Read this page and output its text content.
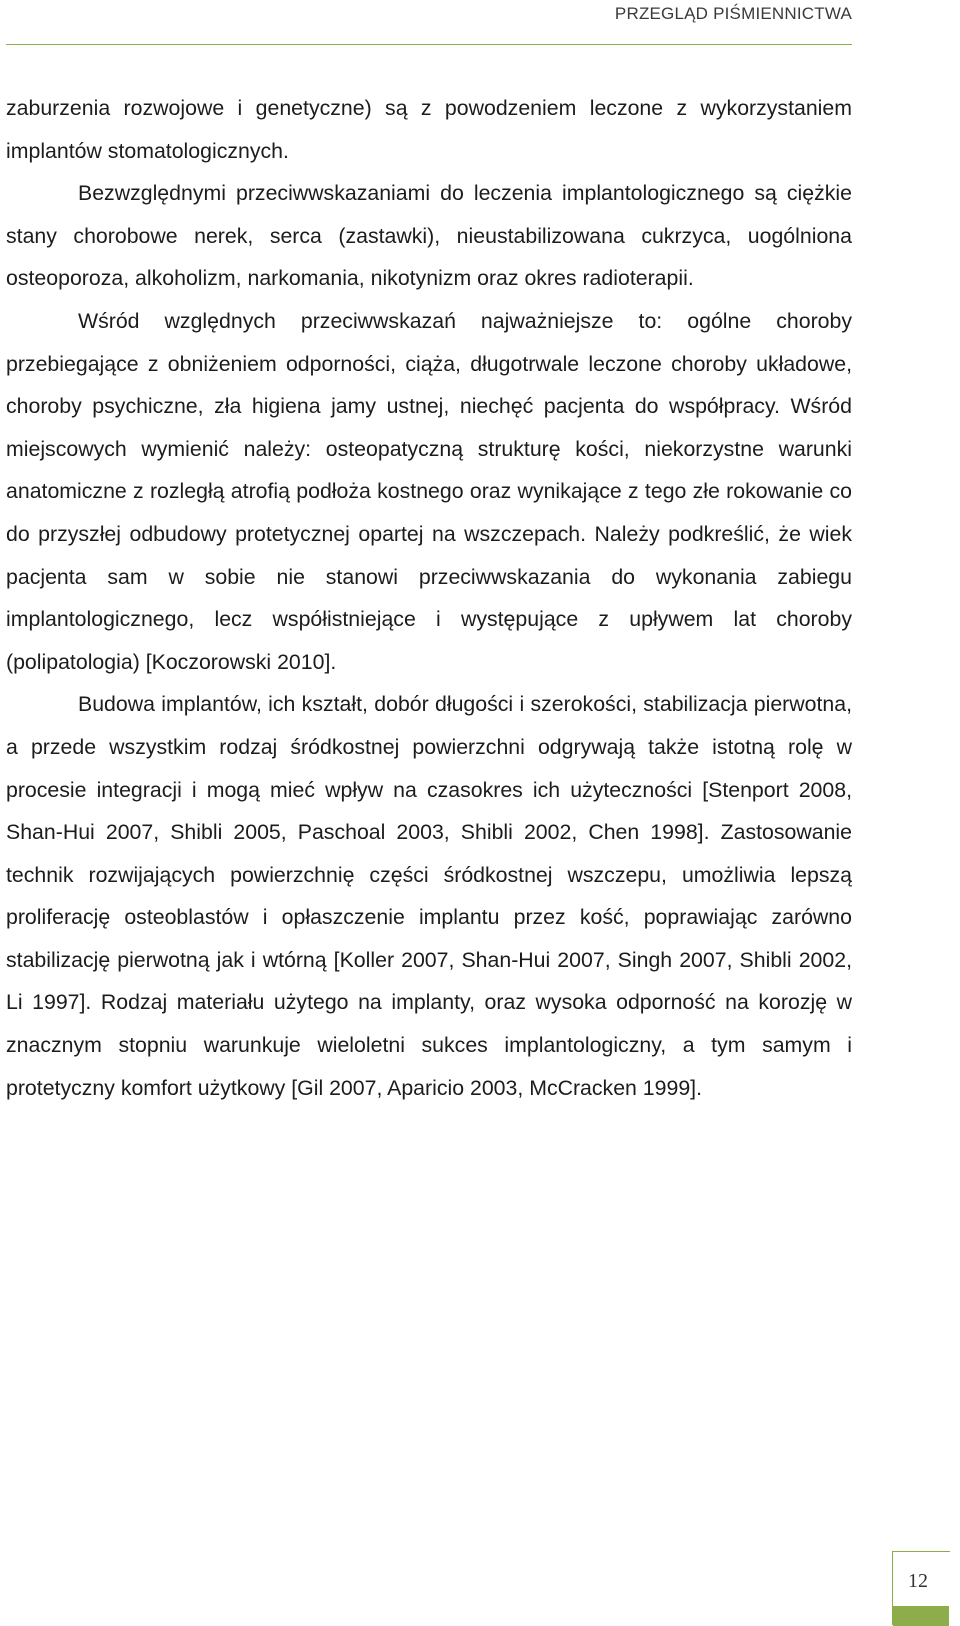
PRZEGLĄD PIŚMIENNICTWA

zaburzenia rozwojowe i genetyczne) są z powodzeniem leczone z wykorzystaniem implantów stomatologicznych.

Bezwzględnymi przeciwwskazaniami do leczenia implantologicznego są ciężkie stany chorobowe nerek, serca (zastawki), nieustabilizowana cukrzyca, uogólniona osteoporoza, alkoholizm, narkomania, nikotynizm oraz okres radioterapii.

Wśród względnych przeciwwskazań najważniejsze to: ogólne choroby przebiegające z obniżeniem odporności, ciąża, długotrwale leczone choroby układowe, choroby psychiczne, zła higiena jamy ustnej, niechęć pacjenta do współpracy. Wśród miejscowych wymienić należy: osteopatyczną strukturę kości, niekorzystne warunki anatomiczne z rozległą atrofią podłoża kostnego oraz wynikające z tego złe rokowanie co do przyszłej odbudowy protetycznej opartej na wszczepach. Należy podkreślić, że wiek pacjenta sam w sobie nie stanowi przeciwwskazania do wykonania zabiegu implantologicznego, lecz współistniejące i występujące z upływem lat choroby (polipatologia) [Koczorowski 2010].

Budowa implantów, ich kształt, dobór długości i szerokości, stabilizacja pierwotna, a przede wszystkim rodzaj śródkostnej powierzchni odgrywają także istotną rolę w procesie integracji i mogą mieć wpływ na czasokres ich użyteczności [Stenport 2008, Shan-Hui 2007, Shibli 2005, Paschoal 2003, Shibli 2002, Chen 1998]. Zastosowanie technik rozwijających powierzchnię części śródkostnej wszczepu, umożliwia lepszą proliferację osteoblastów i opłaszczenie implantu przez kość, poprawiając zarówno stabilizację pierwotną jak i wtórną [Koller 2007, Shan-Hui 2007, Singh 2007, Shibli 2002, Li 1997]. Rodzaj materiału użytego na implanty, oraz wysoka odporność na korozję w znacznym stopniu warunkuje wieloletni sukces implantologiczny, a tym samym i protetyczny komfort użytkowy [Gil 2007, Aparicio 2003, McCracken 1999].

12
